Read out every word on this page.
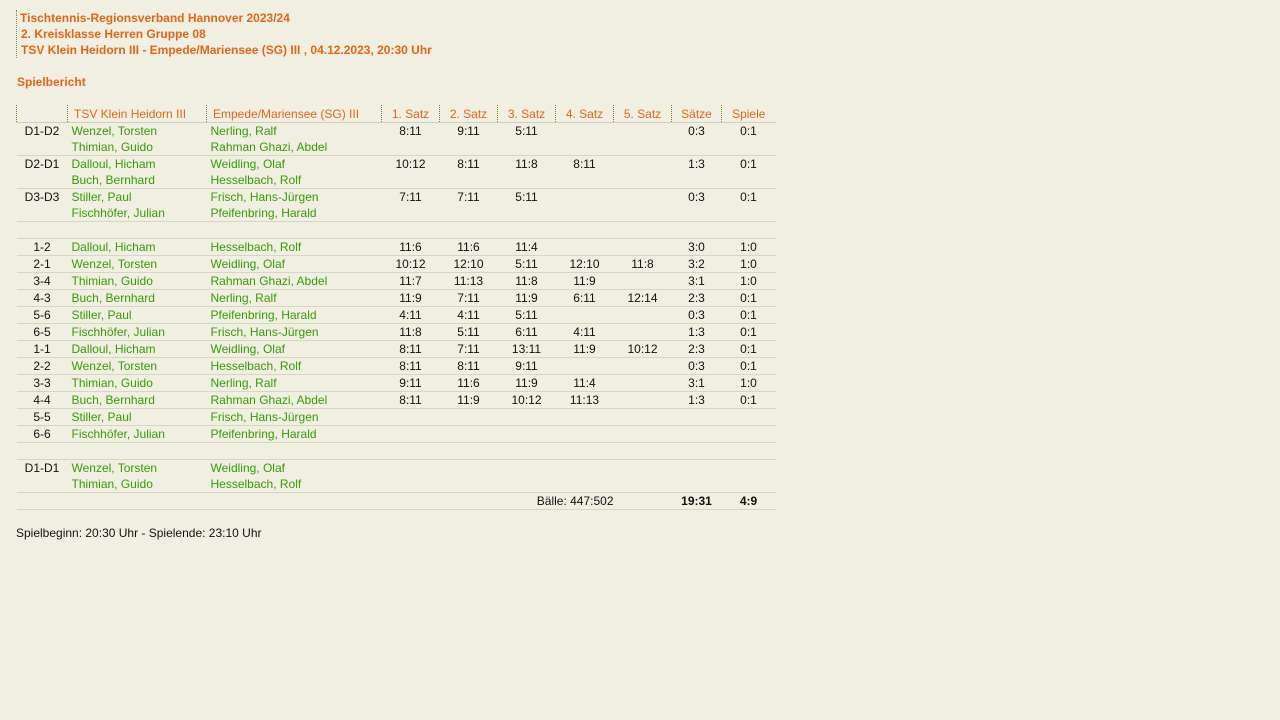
Tischtennis-Regionsverband Hannover 2023/24
2. Kreisklasse Herren Gruppe 08
TSV Klein Heidorn III - Empede/Mariensee (SG) III , 04.12.2023, 20:30 Uhr
Spielbericht
	TSV Klein Heidorn III	Empede/Mariensee (SG) III	1. Satz	2. Satz	3. Satz	4. Satz	5. Satz	Sätze	Spiele
D1-D2	Wenzel, Torsten	Nerling, Ralf	8:11	9:11	5:11			0:3	0:1
	Thimian, Guido	Rahman Ghazi, Abdel							
D2-D1	Dalloul, Hicham	Weidling, Olaf	10:12	8:11	11:8	8:11		1:3	0:1
	Buch, Bernhard	Hesselbach, Rolf							
D3-D3	Stiller, Paul	Frisch, Hans-Jürgen	7:11	7:11	5:11			0:3	0:1
	Fischhöfer, Julian	Pfeifenbring, Harald							

1-2	Dalloul, Hicham	Hesselbach, Rolf	11:6	11:6	11:4			3:0	1:0
2-1	Wenzel, Torsten	Weidling, Olaf	10:12	12:10	5:11	12:10	11:8	3:2	1:0
3-4	Thimian, Guido	Rahman Ghazi, Abdel	11:7	11:13	11:8	11:9		3:1	1:0
4-3	Buch, Bernhard	Nerling, Ralf	11:9	7:11	11:9	6:11	12:14	2:3	0:1
5-6	Stiller, Paul	Pfeifenbring, Harald	4:11	4:11	5:11			0:3	0:1
6-5	Fischhöfer, Julian	Frisch, Hans-Jürgen	11:8	5:11	6:11	4:11		1:3	0:1
1-1	Dalloul, Hicham	Weidling, Olaf	8:11	7:11	13:11	11:9	10:12	2:3	0:1
2-2	Wenzel, Torsten	Hesselbach, Rolf	8:11	8:11	9:11			0:3	0:1
3-3	Thimian, Guido	Nerling, Ralf	9:11	11:6	11:9	11:4		3:1	1:0
4-4	Buch, Bernhard	Rahman Ghazi, Abdel	8:11	11:9	10:12	11:13		1:3	0:1
5-5	Stiller, Paul	Frisch, Hans-Jürgen							
6-6	Fischhöfer, Julian	Pfeifenbring, Harald							

D1-D1	Wenzel, Torsten	Weidling, Olaf							
	Thimian, Guido	Hesselbach, Rolf							
Bälle: 447:502								19:31	4:9
Spielbeginn: 20:30 Uhr - Spielende: 23:10 Uhr
